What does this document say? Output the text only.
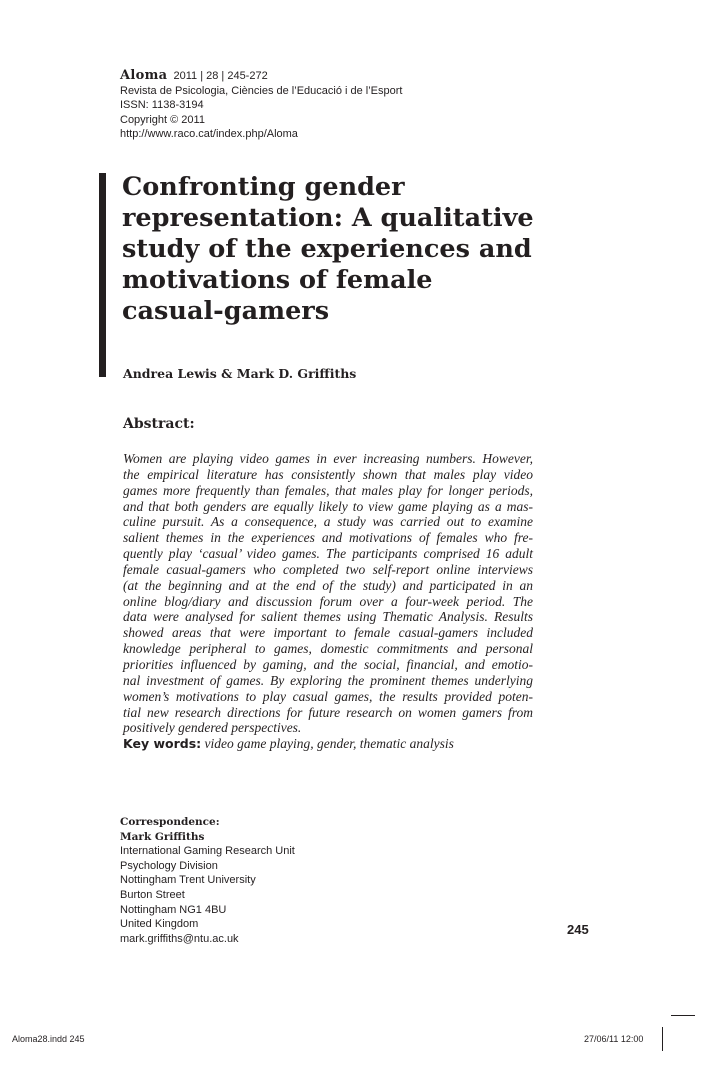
Aloma 2011 | 28 | 245-272
Revista de Psicologia, Ciències de l’Educació i de l’Esport
ISSN: 1138-3194
Copyright © 2011
http://www.raco.cat/index.php/Aloma
Confronting gender
representation: A qualitative
study of the experiences and
motivations of female
casual-gamers
Andrea Lewis & Mark D. Griffiths
Abstract:
Women are playing video games in ever increasing numbers. However,
the empirical literature has consistently shown that males play video
games more frequently than females, that males play for longer periods,
and that both genders are equally likely to view game playing as a mas-
culine pursuit. As a consequence, a study was carried out to examine
salient themes in the experiences and motivations of females who fre-
quently play ‘casual’ video games. The participants comprised 16 adult
female casual-gamers who completed two self-report online interviews
(at the beginning and at the end of the study) and participated in an
online blog/diary and discussion forum over a four-week period. The
data were analysed for salient themes using Thematic Analysis. Results
showed areas that were important to female casual-gamers included
knowledge peripheral to games, domestic commitments and personal
priorities influenced by gaming, and the social, financial, and emotio-
nal investment of games. By exploring the prominent themes underlying
women’s motivations to play casual games, the results provided poten-
tial new research directions for future research on women gamers from
positively gendered perspectives.
Key words: video game playing, gender, thematic analysis
Correspondence:
Mark Griffiths
International Gaming Research Unit
Psychology Division
Nottingham Trent University
Burton Street
Nottingham NG1 4BU
United Kingdom
mark.griffiths@ntu.ac.uk
245
Aloma28.indd 245	27/06/11 12:00
